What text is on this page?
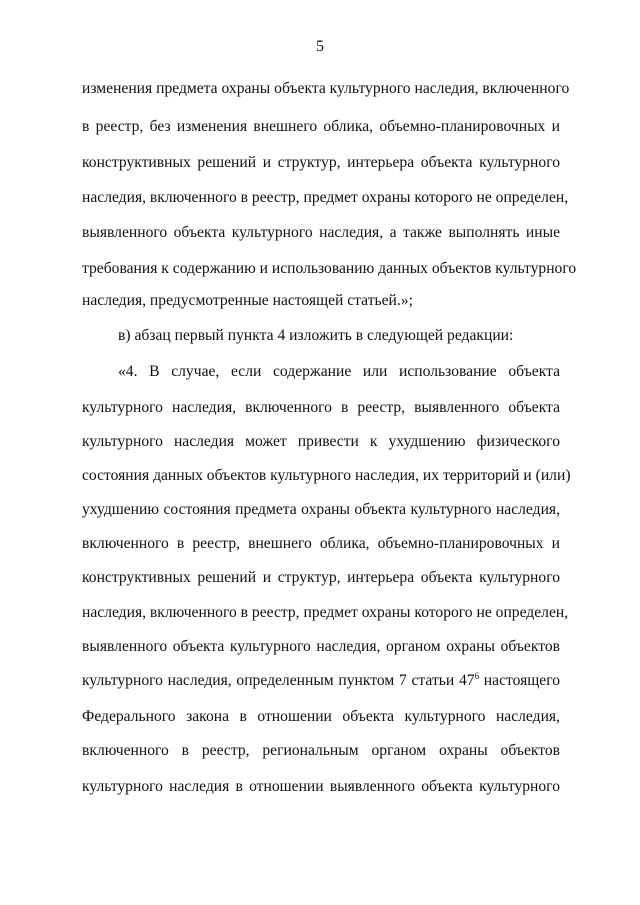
5
изменения предмета охраны объекта культурного наследия, включенного
в реестр, без изменения внешнего облика, объемно-планировочных и
конструктивных решений и структур, интерьера объекта культурного
наследия, включенного в реестр, предмет охраны которого не определен,
выявленного объекта культурного наследия, а также выполнять иные
требования к содержанию и использованию данных объектов культурного
наследия, предусмотренные настоящей статьей.»;
в) абзац первый пункта 4 изложить в следующей редакции:
«4. В случае, если содержание или использование объекта
культурного наследия, включенного в реестр, выявленного объекта
культурного наследия может привести к ухудшению физического
состояния данных объектов культурного наследия, их территорий и (или)
ухудшению состояния предмета охраны объекта культурного наследия,
включенного в реестр, внешнего облика, объемно-планировочных и
конструктивных решений и структур, интерьера объекта культурного
наследия, включенного в реестр, предмет охраны которого не определен,
выявленного объекта культурного наследия, органом охраны объектов
культурного наследия, определенным пунктом 7 статьи $47^6$ настоящего
Федерального закона в отношении объекта культурного наследия,
включенного в реестр, региональным органом охраны объектов
культурного наследия в отношении выявленного объекта культурного
